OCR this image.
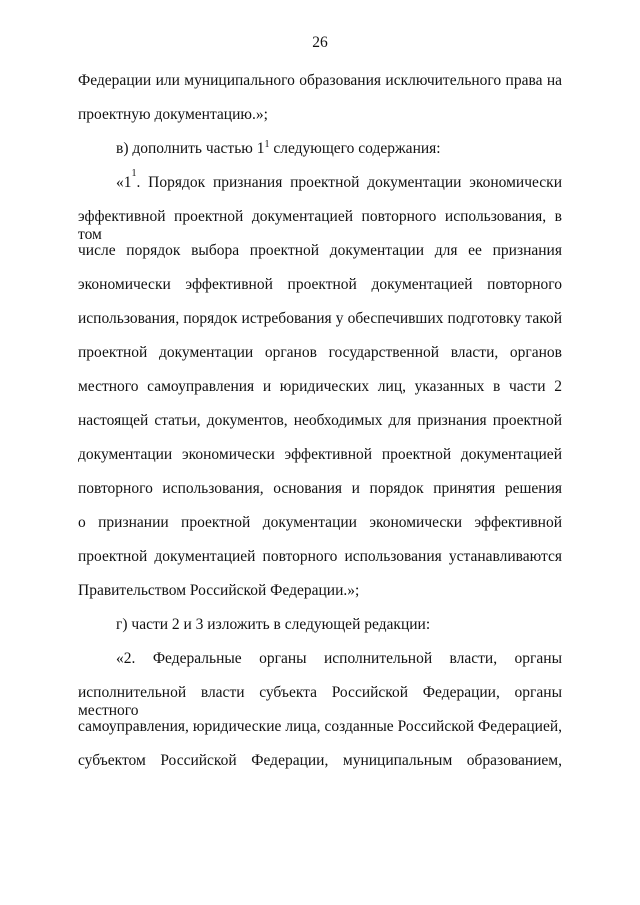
26
Федерации или муниципального образования исключительного права на
проектную документацию.»;
в) дополнить частью $1^1$ следующего содержания:
«1
1
. Порядок признания проектной документации экономически
эффективной проектной документацией повторного использования, в том
числе порядок выбора проектной документации для ее признания
экономически эффективной проектной документацией повторного
использования, порядок истребования у обеспечивших подготовку такой
проектной документации органов государственной власти, органов
местного самоуправления и юридических лиц, указанных в части 2
настоящей статьи, документов, необходимых для признания проектной
документации экономически эффективной проектной документацией
повторного использования, основания и порядок принятия решения
о признании проектной документации экономически эффективной
проектной документацией повторного использования устанавливаются
Правительством Российской Федерации.»;
г) части 2 и 3 изложить в следующей редакции:
«2. Федеральные органы исполнительной власти, органы
исполнительной власти субъекта Российской Федерации, органы местного
самоуправления, юридические лица, созданные Российской Федерацией,
субъектом Российской Федерации, муниципальным образованием,
